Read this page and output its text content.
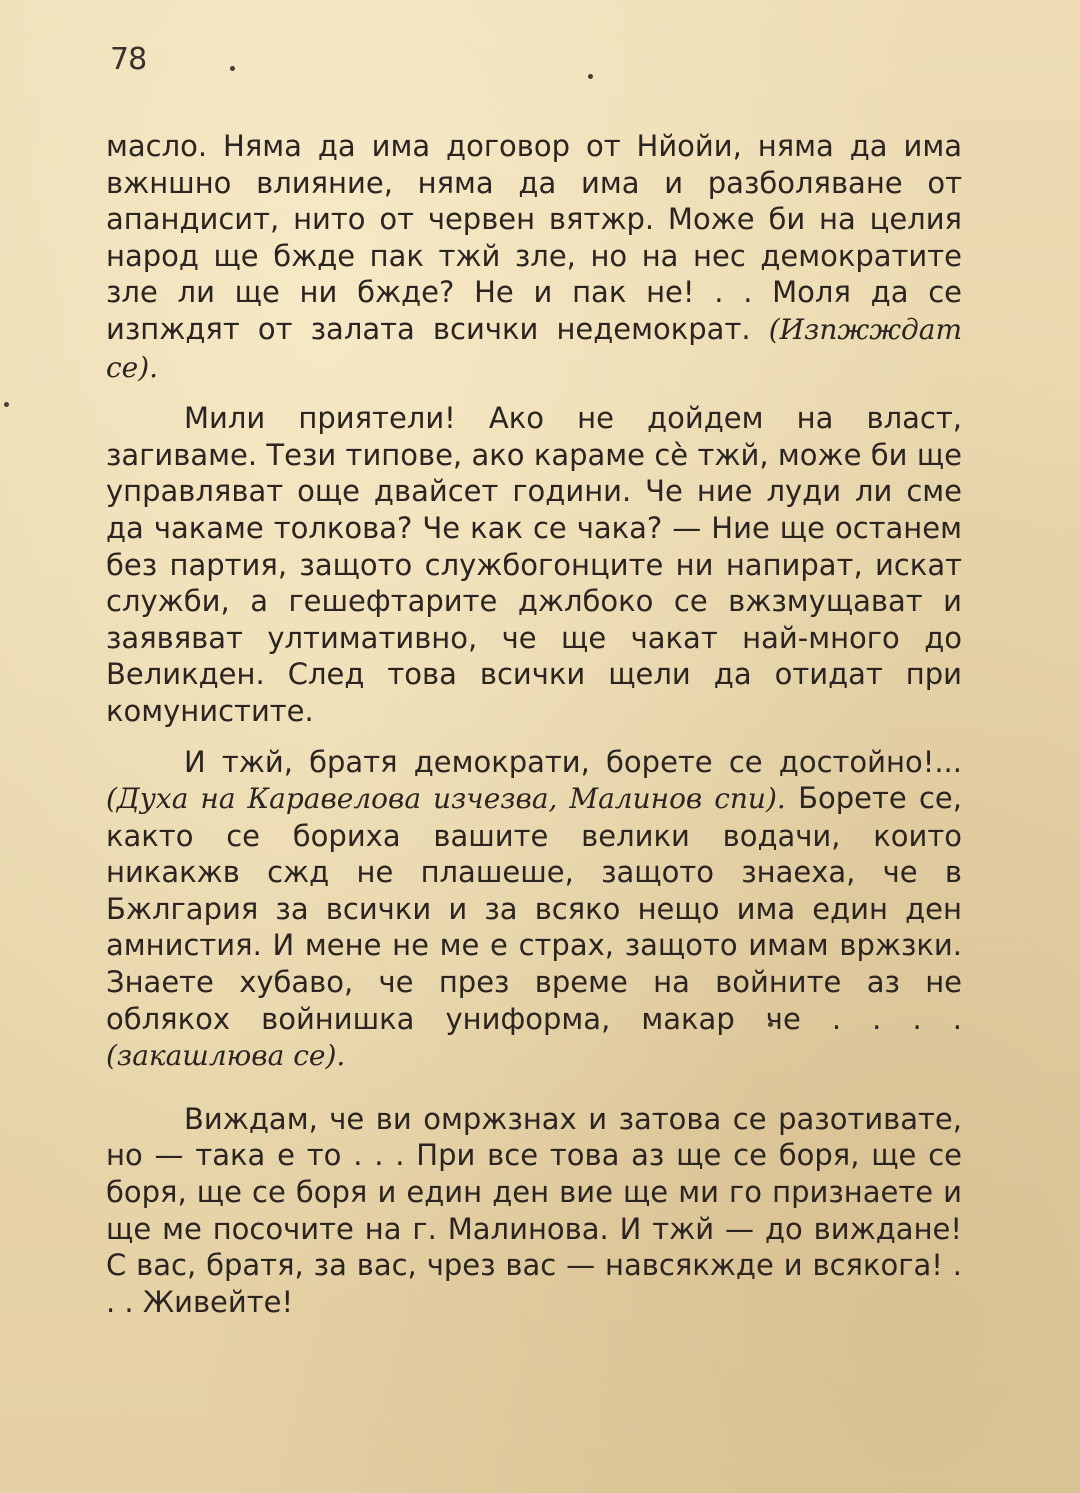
78

масло. Няма да има договор от Нйойи, няма да има вжншно влияние, няма да има и разболяване от апандисит, нито от червен вятжр. Може би на целия народ ще бжде пак тжй зле, но на нес демократите зле ли ще ни бжде? Не и пак не! . . Моля да се изпждят от залата всички недемократ. (Изпжждат се).

Мили приятели! Ако не дойдем на власт, загиваме. Тези типове, ако караме сè тжй, може би ще управляват още двайсет години. Че ние луди ли сме да чакаме толкова? Че как се чака? — Ние ще останем без партия, защото службогонците ни напират, искат служби, а гешефтарите джлбоко се вжзмущават и заявяват ултимативно, че ще чакат най-много до Великден. След това всички щели да отидат при комунистите.

И тжй, братя демократи, борете се достойно!... (Духа на Каравелова изчезва, Малинов спи). Борете се, както се бориха вашите велики водачи, които никакжв сжд не плашеше, защото знаеха, че в Бжлгария за всички и за всяко нещо има един ден амнистия. И мене не ме е страх, защото имам вржзки. Знаете хубаво, че през време на войните аз не облякох войнишка униформа, макар че . . . . (закашлюва се).

Виждам, че ви омржзнах и затова се разотивате, но — така е то . . . При все това аз ще се боря, ще се боря, ще се боря и един ден вие ще ми го признаете и ще ме посочите на г. Малинова. И тжй — до виждане! С вас, братя, за вас, чрез вас — навсякжде и всякога! . . . Живейте!
